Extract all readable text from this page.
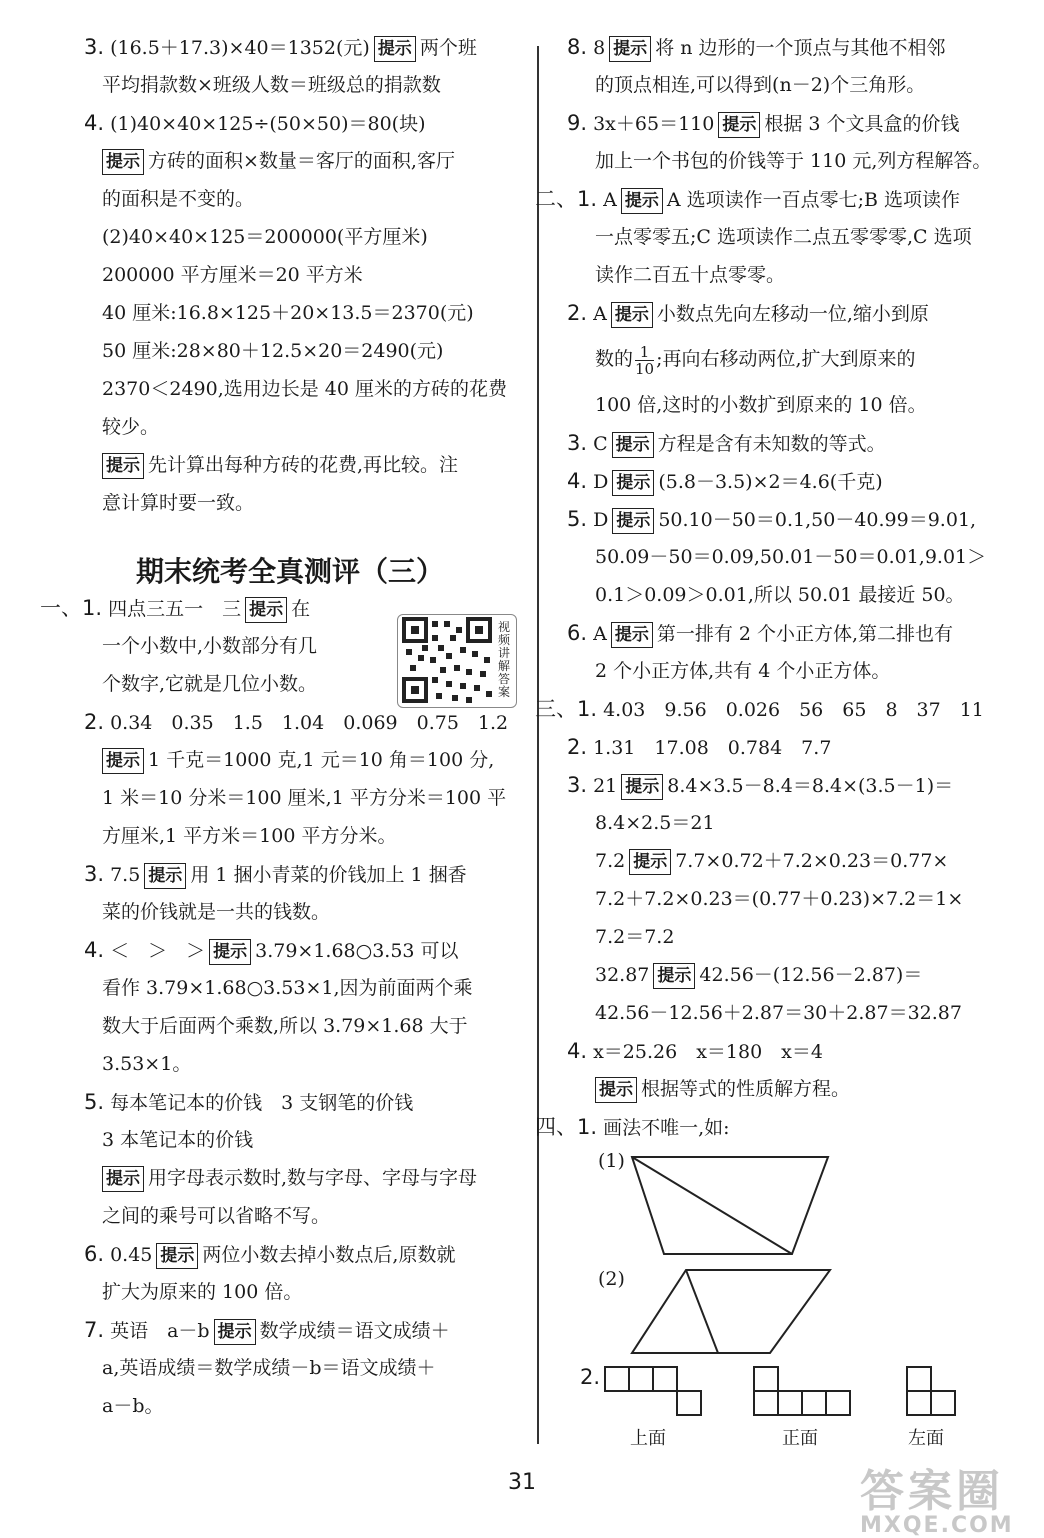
3. (16.5＋17.3)×40＝1352(元) 提示 两个班
平均捐款数×班级人数＝班级总的捐款数
4. (1)40×40×125÷(50×50)＝80(块)
提示 方砖的面积×数量＝客厅的面积,客厅
的面积是不变的。
(2)40×40×125＝200000(平方厘米)
200000 平方厘米＝20 平方米
40 厘米:16.8×125＋20×13.5＝2370(元)
50 厘米:28×80＋12.5×20＝2490(元)
2370＜2490,选用边长是 40 厘米的方砖的花费
较少。
提示 先计算出每种方砖的花费,再比较。注
意计算时要一致。
一、1. 四点三五一　三 提示 在
一个小数中,小数部分有几
个数字,它就是几位小数。
2. 0.34　0.35　1.5　1.04　0.069　0.75　1.2
提示 1 千克＝1000 克,1 元＝10 角＝100 分,
1 米＝10 分米＝100 厘米,1 平方分米＝100 平
方厘米,1 平方米＝100 平方分米。
3. 7.5 提示 用 1 捆小青菜的价钱加上 1 捆香
菜的价钱就是一共的钱数。
4. ＜　＞　＞ 提示 3.79×1.68○3.53 可以
看作 3.79×1.68○3.53×1,因为前面两个乘
数大于后面两个乘数,所以 3.79×1.68 大于
3.53×1。
5. 每本笔记本的价钱　3 支钢笔的价钱
3 本笔记本的价钱
提示 用字母表示数时,数与字母、字母与字母
之间的乘号可以省略不写。
6. 0.45 提示 两位小数去掉小数点后,原数就
扩大为原来的 100 倍。
7. 英语　a－b 提示 数学成绩＝语文成绩＋
a,英语成绩＝数学成绩－b＝语文成绩＋
a－b。
8. 8 提示 将 n 边形的一个顶点与其他不相邻
的顶点相连,可以得到(n－2)个三角形。
9. 3x＋65＝110 提示 根据 3 个文具盒的价钱
加上一个书包的价钱等于 110 元,列方程解答。
二、1. A 提示 A 选项读作一百点零七;B 选项读作
一点零零五;C 选项读作二点五零零零,C 选项
读作二百五十点零零。
2. A 提示 小数点先向左移动一位,缩小到原
数的 $\frac{1}{10}$ ;再向右移动两位,扩大到原来的
100 倍,这时的小数扩到原来的 10 倍。
3. C 提示 方程是含有未知数的等式。
4. D 提示 (5.8－3.5)×2＝4.6(千克)
5. D 提示 50.10－50＝0.1,50－40.99＝9.01,
50.09－50＝0.09,50.01－50＝0.01,9.01＞
0.1＞0.09＞0.01,所以 50.01 最接近 50。
6. A 提示 第一排有 2 个小正方体,第二排也有
2 个小正方体,共有 4 个小正方体。
三、1. 4.03　9.56　0.026　56　65　8　37　11
2. 1.31　17.08　0.784　7.7
3. 21 提示 8.4×3.5－8.4＝8.4×(3.5－1)＝
8.4×2.5＝21
7.2 提示 7.7×0.72＋7.2×0.23＝0.77×
7.2＋7.2×0.23＝(0.77＋0.23)×7.2＝1×
7.2＝7.2
32.87 提示 42.56－(12.56－2.87)＝
42.56－12.56＋2.87＝30＋2.87＝32.87
4. x＝25.26　x＝180　x＝4
提示 根据等式的性质解方程。
四、1. 画法不唯一,如:
期末统考全真测评（三）
视频讲解答案
(1)
(2)
2.
上面	正面	左面
31	答案圈
MXQE.COM
